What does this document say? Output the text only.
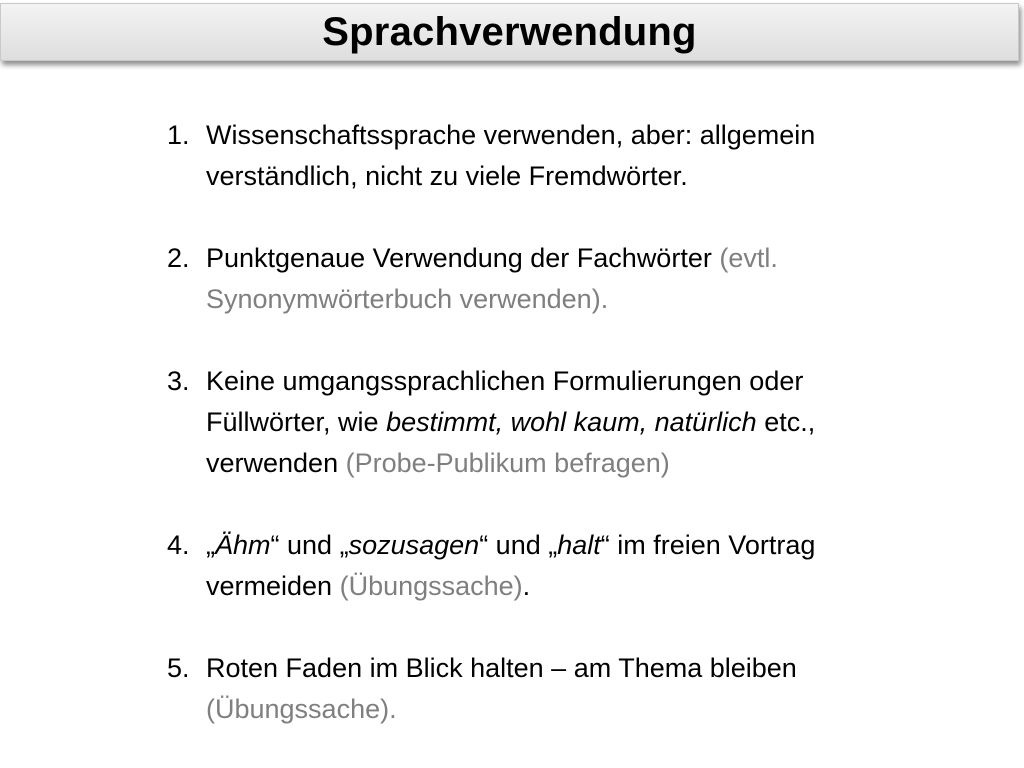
Sprachverwendung

1. Wissenschaftssprache verwenden, aber: allgemein
verständlich, nicht zu viele Fremdwörter.

2. Punktgenaue Verwendung der Fachwörter (evtl.
Synonymwörterbuch verwenden).

3. Keine umgangssprachlichen Formulierungen oder
Füllwörter, wie bestimmt, wohl kaum, natürlich etc.,
verwenden (Probe-Publikum befragen)

4. „Ähm“ und „sozusagen“ und „halt“ im freien Vortrag
vermeiden (Übungssache).

5. Roten Faden im Blick halten – am Thema bleiben
(Übungssache).
